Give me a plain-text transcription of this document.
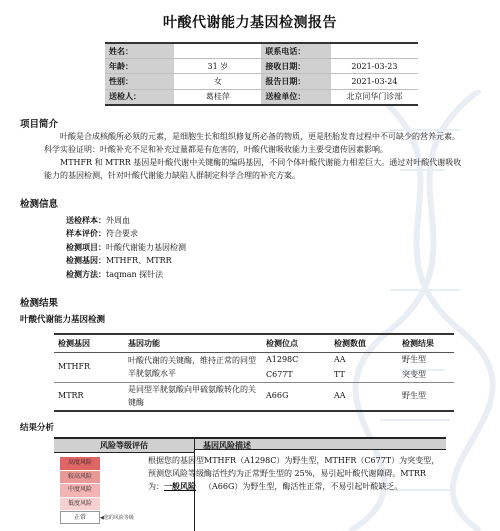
叶酸代谢能力基因检测报告
姓名：		联系电话：	
年龄：	31 岁	接收日期：	2021-03-23
性别：	女	报告日期：	2021-03-24
送检人：	葛桂萍	送检单位：	北京同华门诊部
项目简介
叶酸是合成核酸所必须的元素，是细胞生长和组织修复所必备的物质，更是胚胎发育过程中不可缺少的营养元素。科学实验证明：叶酸补充不足和补充过量都是有危害的，叶酸代谢吸收能力主要受遗传因素影响。
MTHFR 和 MTRR 基因是叶酸代谢中关键酶的编码基因，不同个体叶酸代谢能力相差巨大。通过对叶酸代谢吸收能力的基因检测，针对叶酸代谢能力缺陷人群制定科学合理的补充方案。
检测信息
送检样本：外周血
样本评价：符合要求
检测项目：叶酸代谢能力基因检测
检测基因：MTHFR、MTRR
检测方法：taqman 探针法
检测结果
叶酸代谢能力基因检测
检测基因	基因功能	检测位点	检测数值	检测结果
MTHFR	叶酸代谢的关键酶，维持正常的同型半胱氨酸水平	A1298C	AA	野生型
		C677T	TT	突变型
MTRR	是同型半胱氨酸向甲硫氨酸转化的关键酶	A66G	AA	野生型
结果分析
风险等级评估	基因风险描述
高度风险
较高风险
中度风险
低度风险
正常	◀您的风险等级
根据您的基因型预测您风险等级为：一般风险
MTHFR（A1298C）为野生型，MTHFR（C677T）为突变型，酶活性约为正常野生型的 25%，易引起叶酸代谢障碍。MTRR（A66G）为野生型，酶活性正常，不易引起叶酸缺乏。
